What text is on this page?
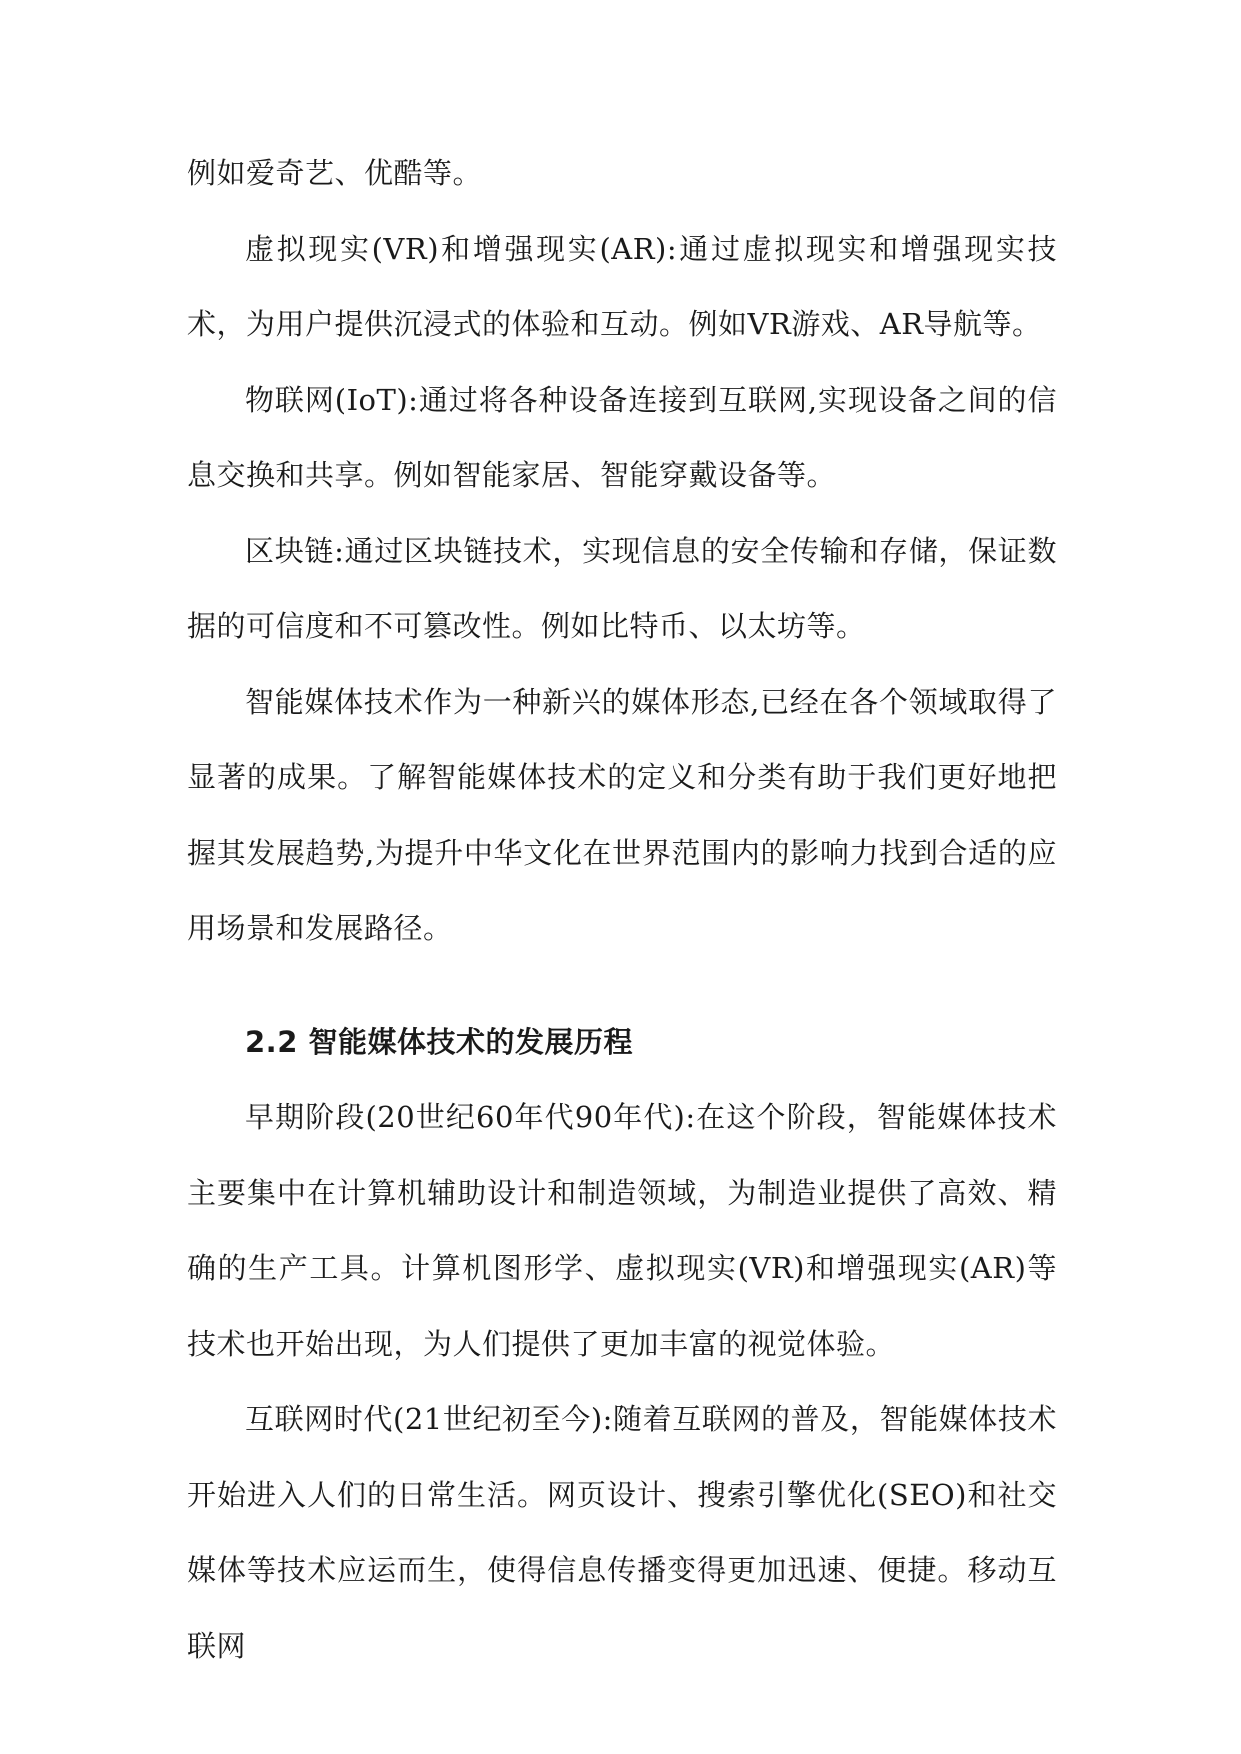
例如爱奇艺、优酷等。

虚拟现实(VR)和增强现实(AR):通过虚拟现实和增强现实技术，为用户提供沉浸式的体验和互动。例如VR游戏、AR导航等。

物联网(IoT):通过将各种设备连接到互联网,实现设备之间的信息交换和共享。例如智能家居、智能穿戴设备等。

区块链:通过区块链技术，实现信息的安全传输和存储，保证数据的可信度和不可篡改性。例如比特币、以太坊等。

智能媒体技术作为一种新兴的媒体形态,已经在各个领域取得了显著的成果。了解智能媒体技术的定义和分类有助于我们更好地把握其发展趋势,为提升中华文化在世界范围内的影响力找到合适的应用场景和发展路径。

2.2 智能媒体技术的发展历程

早期阶段(20世纪60年代90年代):在这个阶段，智能媒体技术主要集中在计算机辅助设计和制造领域，为制造业提供了高效、精确的生产工具。计算机图形学、虚拟现实(VR)和增强现实(AR)等技术也开始出现，为人们提供了更加丰富的视觉体验。

互联网时代(21世纪初至今):随着互联网的普及，智能媒体技术开始进入人们的日常生活。网页设计、搜索引擎优化(SEO)和社交媒体等技术应运而生，使得信息传播变得更加迅速、便捷。移动互联网
